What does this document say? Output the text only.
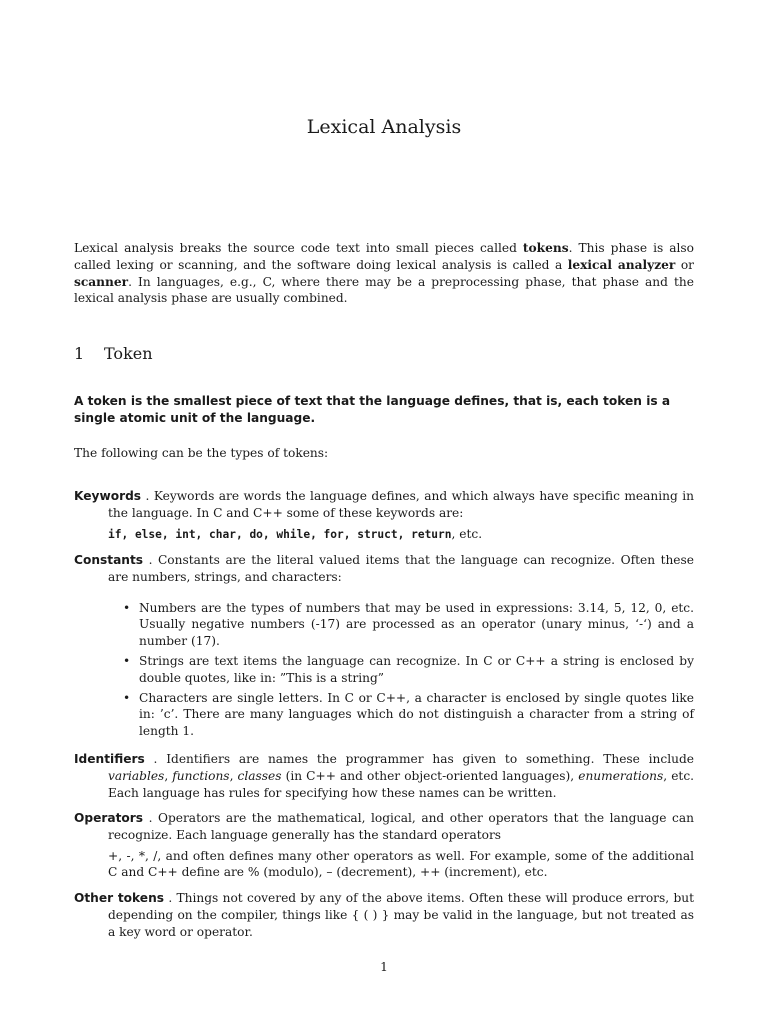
Lexical Analysis

Lexical analysis breaks the source code text into small pieces called tokens. This phase is also called lexing or scanning, and the software doing lexical analysis is called a lexical analyzer or scanner. In languages, e.g., C, where there may be a preprocessing phase, that phase and the lexical analysis phase are usually combined.

1 Token

A token is the smallest piece of text that the language defines, that is, each token is a single atomic unit of the language.

The following can be the types of tokens:

Keywords . Keywords are words the language defines, and which always have specific meaning in the language. In C and C++ some of these keywords are:

if, else, int, char, do, while, for, struct, return, etc.

Constants . Constants are the literal valued items that the language can recognize. Often these are numbers, strings, and characters:

• Numbers are the types of numbers that may be used in expressions: 3.14, 5, 12, 0, etc. Usually negative numbers (-17) are processed as an operator (unary minus, ‘-‘) and a number (17).
• Strings are text items the language can recognize. In C or C++ a string is enclosed by double quotes, like in: ”This is a string”
• Characters are single letters. In C or C++, a character is enclosed by single quotes like in: ’c’. There are many languages which do not distinguish a character from a string of length 1.

Identifiers . Identifiers are names the programmer has given to something. These include variables, functions, classes (in C++ and other object-oriented languages), enumerations, etc. Each language has rules for specifying how these names can be written.

Operators . Operators are the mathematical, logical, and other operators that the language can recognize. Each language generally has the standard operators

+, -, *, /, and often defines many other operators as well. For example, some of the additional C and C++ define are % (modulo), – (decrement), ++ (increment), etc.

Other tokens . Things not covered by any of the above items. Often these will produce errors, but depending on the compiler, things like { ( ) } may be valid in the language, but not treated as a key word or operator.

1
